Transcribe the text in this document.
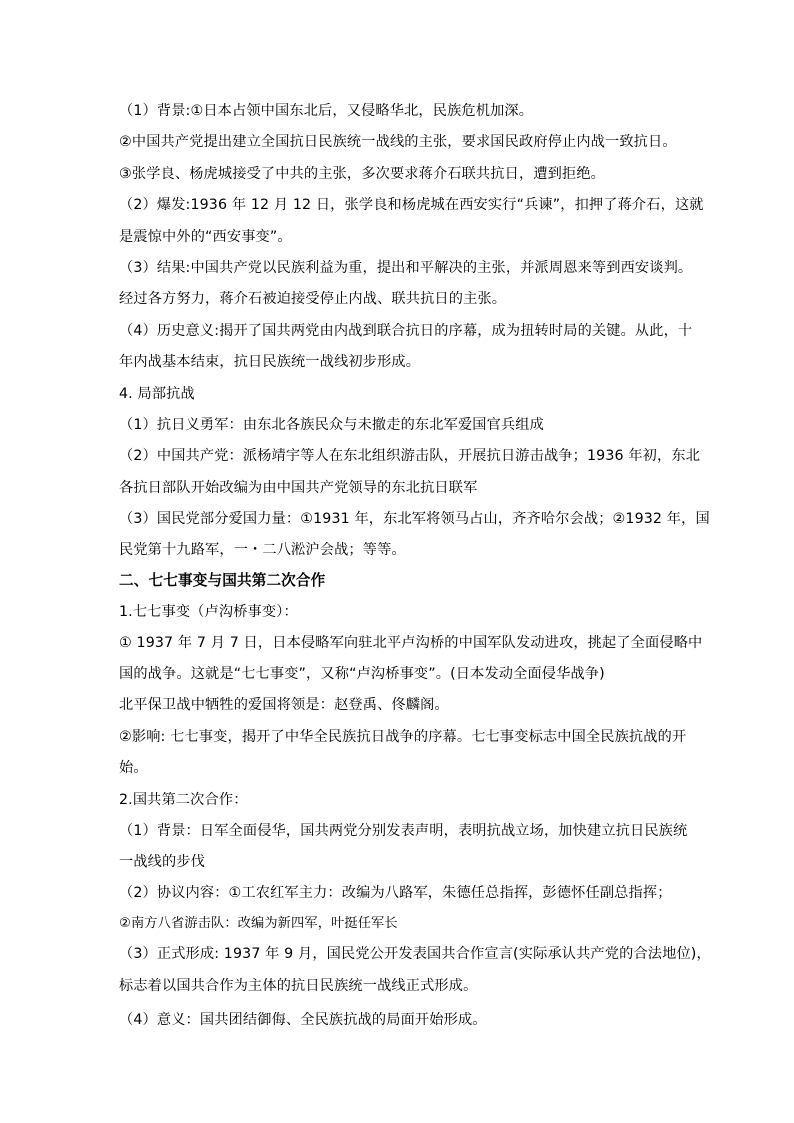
（1）背景:①日本占领中国东北后，又侵略华北，民族危机加深。
②中国共产党提出建立全国抗日民族统一战线的主张，要求国民政府停止内战一致抗日。
③张学良、杨虎城接受了中共的主张，多次要求蒋介石联共抗日，遭到拒绝。
（2）爆发:1936 年 12 月 12 日，张学良和杨虎城在西安实行“兵谏”，扣押了蒋介石，这就
是震惊中外的“西安事变”。
（3）结果:中国共产党以民族利益为重，提出和平解决的主张，并派周恩来等到西安谈判。
经过各方努力，蒋介石被迫接受停止内战、联共抗日的主张。
（4）历史意义:揭开了国共两党由内战到联合抗日的序幕，成为扭转时局的关键。从此，十
年内战基本结束，抗日民族统一战线初步形成。
4. 局部抗战
（1）抗日义勇军：由东北各族民众与未撤走的东北军爱国官兵组成
（2）中国共产党：派杨靖宇等人在东北组织游击队，开展抗日游击战争；1936 年初，东北
各抗日部队开始改编为由中国共产党领导的东北抗日联军
（3）国民党部分爱国力量：①1931 年，东北军将领马占山，齐齐哈尔会战；②1932 年，国
民党第十九路军，一・二八淞沪会战；等等。
二、七七事变与国共第二次合作
1.七七事变（卢沟桥事变）：
① 1937 年 7 月 7 日，日本侵略军向驻北平卢沟桥的中国军队发动进攻，挑起了全面侵略中
国的战争。这就是“七七事变”，又称“卢沟桥事变”。(日本发动全面侵华战争)
北平保卫战中牺牲的爱国将领是：赵登禹、佟麟阁。
②影响: 七七事变，揭开了中华全民族抗日战争的序幕。七七事变标志中国全民族抗战的开
始。
2.国共第二次合作：
（1）背景：日军全面侵华，国共两党分别发表声明，表明抗战立场，加快建立抗日民族统
一战线的步伐
（2）协议内容：①工农红军主力：改编为八路军，朱德任总指挥，彭德怀任副总指挥；
②南方八省游击队：改编为新四军，叶挺任军长
（3）正式形成: 1937 年 9 月，国民党公开发表国共合作宣言(实际承认共产党的合法地位)，
标志着以国共合作为主体的抗日民族统一战线正式形成。
（4）意义：国共团结御侮、全民族抗战的局面开始形成。
